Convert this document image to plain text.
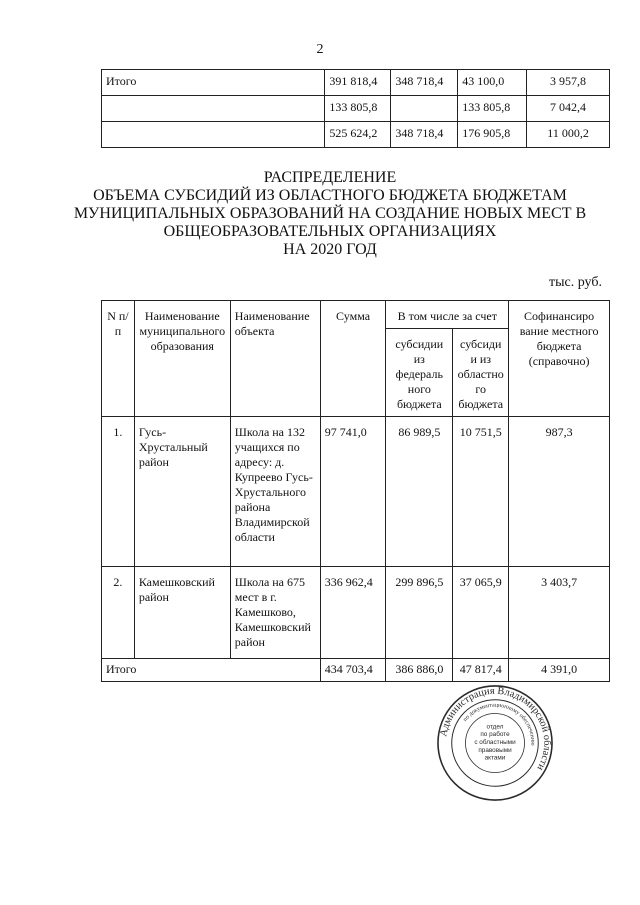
2
Итого	391 818,4	348 718,4	43 100,0	3 957,8
	133 805,8		133 805,8	7 042,4
	525 624,2	348 718,4	176 905,8	11 000,2
РАСПРЕДЕЛЕНИЕ
ОБЪЕМА СУБСИДИЙ ИЗ ОБЛАСТНОГО БЮДЖЕТА БЮДЖЕТАМ
МУНИЦИПАЛЬНЫХ ОБРАЗОВАНИЙ НА СОЗДАНИЕ НОВЫХ МЕСТ В
ОБЩЕОБРАЗОВАТЕЛЬНЫХ ОРГАНИЗАЦИЯХ
НА 2020 ГОД
тыс. руб.
N п/п	Наименование муниципального образования	Наименование объекта	Сумма	В том числе за счет		Софинансиро вание местного бюджета (справочно)
				субсидии из федераль ного бюджета	субсиди и из областно го бюджета	
1.	Гусь-Хрустальный район	Школа на 132 учащихся по адресу: д. Купреево Гусь-Хрустального района Владимирской области	97 741,0	86 989,5	10 751,5	987,3
2.	Камешковский район	Школа на 675 мест в г. Камешково, Камешковский район	336 962,4	299 896,5	37 065,9	3 403,7
Итого			434 703,4	386 886,0	47 817,4	4 391,0
Администрация Владимирской области
по документационному обеспечению
отдел
по работе
с областными
правовыми
актами
